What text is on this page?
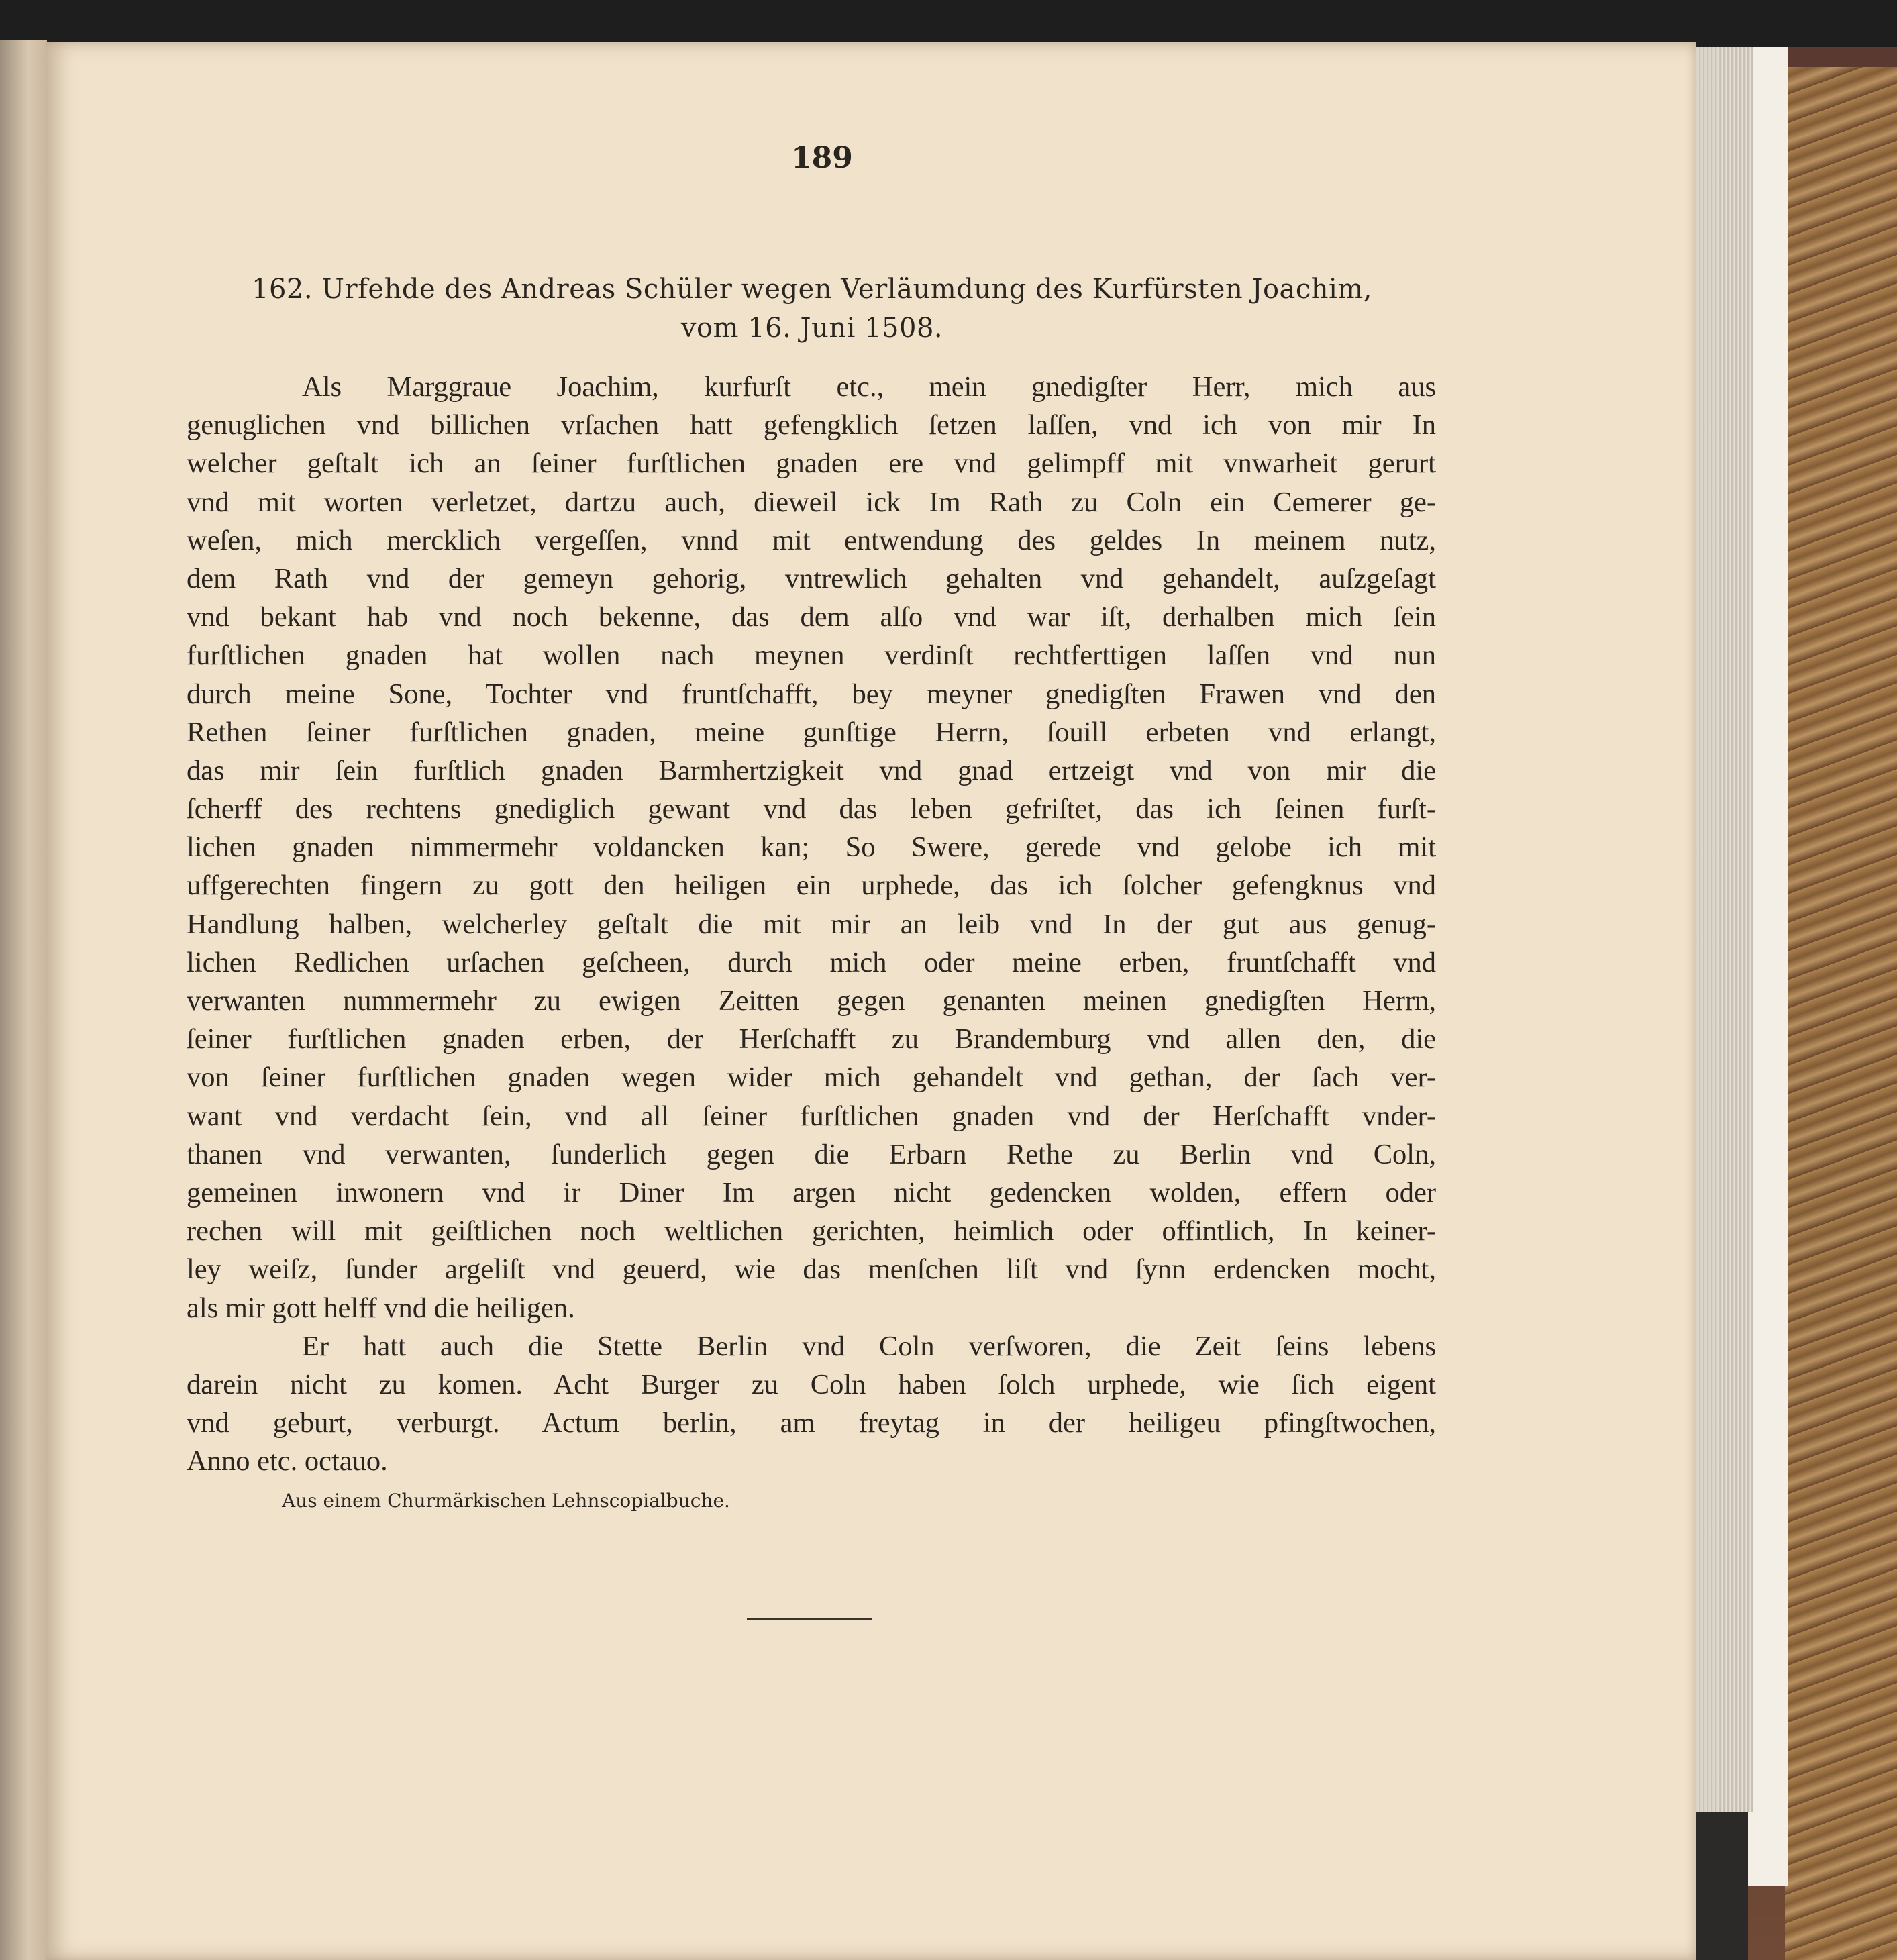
189
162. Urfehde des Andreas Schüler wegen Verläumdung des Kurfürsten Joachim,
vom 16. Juni 1508.
Als Marggraue Joachim, kurfurſt etc., mein gnedigſter Herr, mich aus
genuglichen vnd billichen vrſachen hatt gefengklich ſetzen laſſen, vnd ich von mir In
welcher geſtalt ich an ſeiner furſtlichen gnaden ere vnd gelimpff mit vnwarheit gerurt
vnd mit worten verletzet, dartzu auch, dieweil ick Im Rath zu Coln ein Cemerer ge-
weſen, mich mercklich vergeſſen, vnnd mit entwendung des geldes In meinem nutz,
dem Rath vnd der gemeyn gehorig, vntrewlich gehalten vnd gehandelt, auſzgeſagt
vnd bekant hab vnd noch bekenne, das dem alſo vnd war iſt, derhalben mich ſein
furſtlichen gnaden hat wollen nach meynen verdinſt rechtferttigen laſſen vnd nun
durch meine Sone, Tochter vnd fruntſchafft, bey meyner gnedigſten Frawen vnd den
Rethen ſeiner furſtlichen gnaden, meine gunſtige Herrn, ſouill erbeten vnd erlangt,
das mir ſein furſtlich gnaden Barmhertzigkeit vnd gnad ertzeigt vnd von mir die
ſcherff des rechtens gnediglich gewant vnd das leben gefriſtet, das ich ſeinen furſt-
lichen gnaden nimmermehr voldancken kan; So Swere, gerede vnd gelobe ich mit
uffgerechten fingern zu gott den heiligen ein urphede, das ich ſolcher gefengknus vnd
Handlung halben, welcherley geſtalt die mit mir an leib vnd In der gut aus genug-
lichen Redlichen urſachen geſcheen, durch mich oder meine erben, fruntſchafft vnd
verwanten nummermehr zu ewigen Zeitten gegen genanten meinen gnedigſten Herrn,
ſeiner furſtlichen gnaden erben, der Herſchafft zu Brandemburg vnd allen den, die
von ſeiner furſtlichen gnaden wegen wider mich gehandelt vnd gethan, der ſach ver-
want vnd verdacht ſein, vnd all ſeiner furſtlichen gnaden vnd der Herſchafft vnder-
thanen vnd verwanten, ſunderlich gegen die Erbarn Rethe zu Berlin vnd Coln,
gemeinen inwonern vnd ir Diner Im argen nicht gedencken wolden, effern oder
rechen will mit geiſtlichen noch weltlichen gerichten, heimlich oder offintlich, In keiner-
ley weiſz, ſunder argeliſt vnd geuerd, wie das menſchen liſt vnd ſynn erdencken mocht,
als mir gott helff vnd die heiligen.
Er hatt auch die Stette Berlin vnd Coln verſworen, die Zeit ſeins lebens
darein nicht zu komen. Acht Burger zu Coln haben ſolch urphede, wie ſich eigent
vnd geburt, verburgt. Actum berlin, am freytag in der heiligeu pfingſtwochen,
Anno etc. octauo.
Aus einem Churmärkischen Lehnscopialbuche.
